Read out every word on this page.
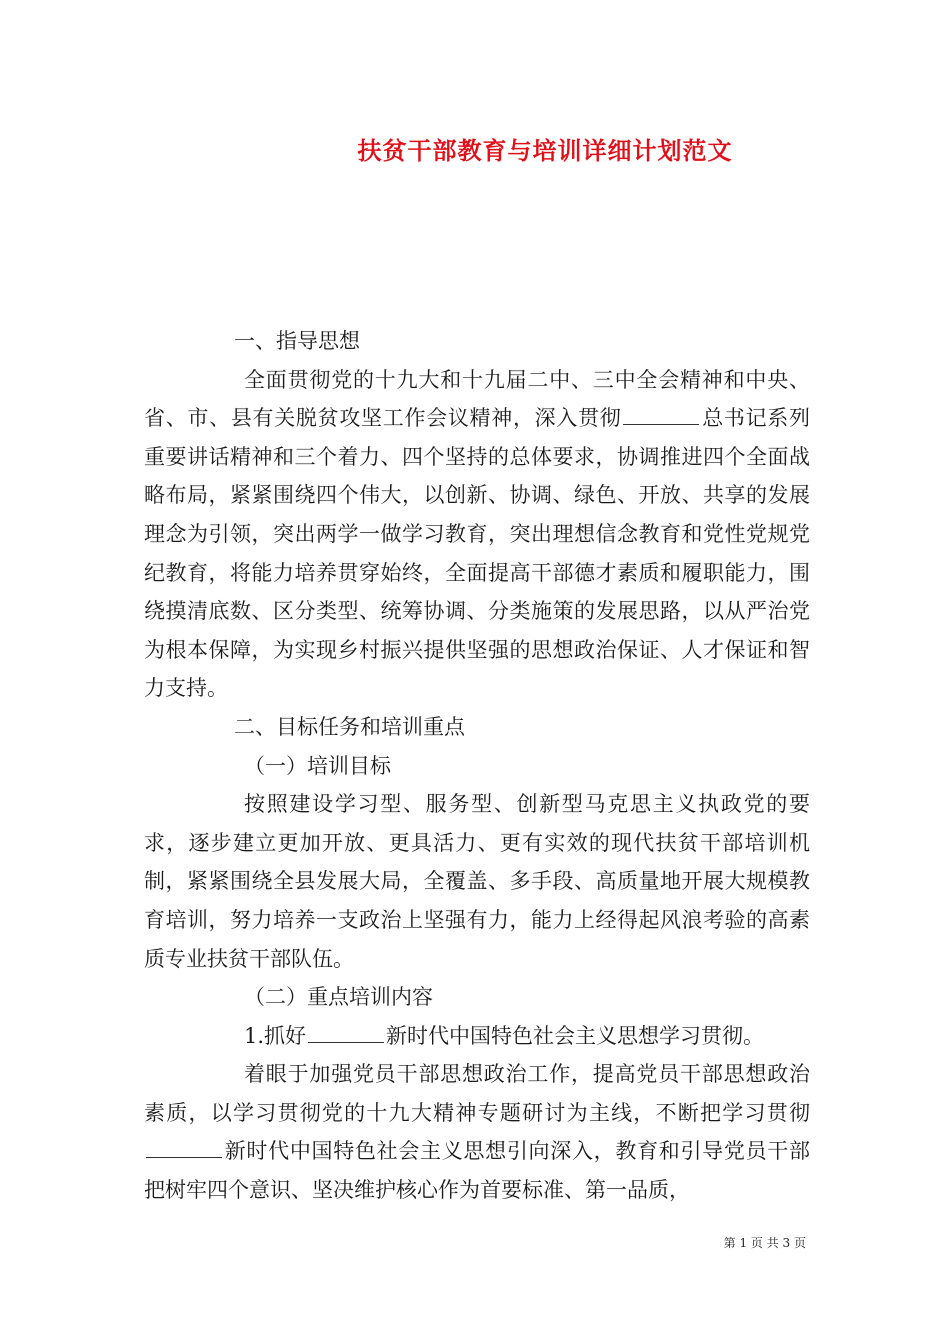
扶贫干部教育与培训详细计划范文

一、指导思想

全面贯彻党的十九大和十九届二中、三中全会精神和中央、省、市、县有关脱贫攻坚工作会议精神，深入贯彻	总书记系列重要讲话精神和三个着力、四个坚持的总体要求，协调推进四个全面战略布局，紧紧围绕四个伟大，以创新、协调、绿色、开放、共享的发展理念为引领，突出两学一做学习教育，突出理想信念教育和党性党规党纪教育，将能力培养贯穿始终，全面提高干部德才素质和履职能力，围绕摸清底数、区分类型、统筹协调、分类施策的发展思路，以从严治党为根本保障，为实现乡村振兴提供坚强的思想政治保证、人才保证和智力支持。

二、目标任务和培训重点

（一）培训目标

按照建设学习型、服务型、创新型马克思主义执政党的要求，逐步建立更加开放、更具活力、更有实效的现代扶贫干部培训机制，紧紧围绕全县发展大局，全覆盖、多手段、高质量地开展大规模教育培训，努力培养一支政治上坚强有力，能力上经得起风浪考验的高素质专业扶贫干部队伍。

（二）重点培训内容

1.抓好	新时代中国特色社会主义思想学习贯彻。

着眼于加强党员干部思想政治工作，提高党员干部思想政治素质，以学习贯彻党的十九大精神专题研讨为主线，不断把学习贯彻新时代中国特色社会主义思想引向深入，教育和引导党员干部把树牢四个意识、坚决维护核心作为首要标准、第一品质，

第 1 页 共 3 页
